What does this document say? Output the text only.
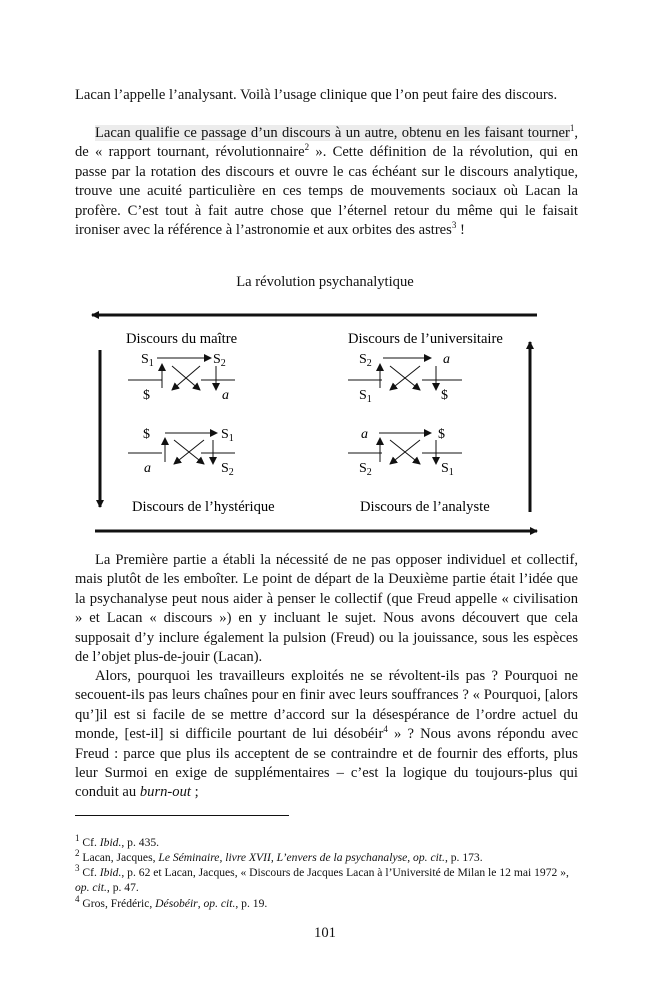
Lacan l’appelle l’analysant. Voilà l’usage clinique que l’on peut faire des discours.

Lacan qualifie ce passage d’un discours à un autre, obtenu en les faisant tourner$^1$, de « rapport tournant, révolutionnaire$^2$ ». Cette définition de la révolution, qui en passe par la rotation des discours et ouvre le cas échéant sur le discours analytique, trouve une acuité particulière en ces temps de mouvements sociaux où Lacan la profère. C’est tout à fait autre chose que l’éternel retour du même qui le faisait ironiser avec la référence à l’astronomie et aux orbites des astres$^3$ !

La révolution psychanalytique
Discours du maître	Discours de l’universitaire
Discours de l’hystérique	Discours de l’analyste
$S_1$	$S_2$
$	a
$S_2$	a
$S_1$	$
$	$S_1$
a	$S_2$
a	$
$S_2$	$S_1$

La Première partie a établi la nécessité de ne pas opposer individuel et collectif, mais plutôt de les emboîter. Le point de départ de la Deuxième partie était l’idée que la psychanalyse peut nous aider à penser le collectif (que Freud appelle « civilisation » et Lacan « discours ») en y incluant le sujet. Nous avons découvert que cela supposait d’y inclure également la pulsion (Freud) ou la jouissance, sous les espèces de l’objet plus-de-jouir (Lacan).

Alors, pourquoi les travailleurs exploités ne se révoltent-ils pas ? Pourquoi ne secouent-ils pas leurs chaînes pour en finir avec leurs souffrances ? « Pourquoi, [alors qu’]il est si facile de se mettre d’accord sur la désespérance de l’ordre actuel du monde, [est-il] si difficile pourtant de lui désobéir$^4$ » ? Nous avons répondu avec Freud : parce que plus ils acceptent de se contraindre et de fournir des efforts, plus leur Surmoi en exige de supplémentaires – c’est la logique du toujours-plus qui conduit au burn-out ;

$^1$ Cf. Ibid., p. 435.
$^2$ Lacan, Jacques, Le Séminaire, livre XVII, L’envers de la psychanalyse, op. cit., p. 173.
$^3$ Cf. Ibid., p. 62 et Lacan, Jacques, « Discours de Jacques Lacan à l’Université de Milan le 12 mai 1972 », op. cit., p. 47.
$^4$ Gros, Frédéric, Désobéir, op. cit., p. 19.
101
